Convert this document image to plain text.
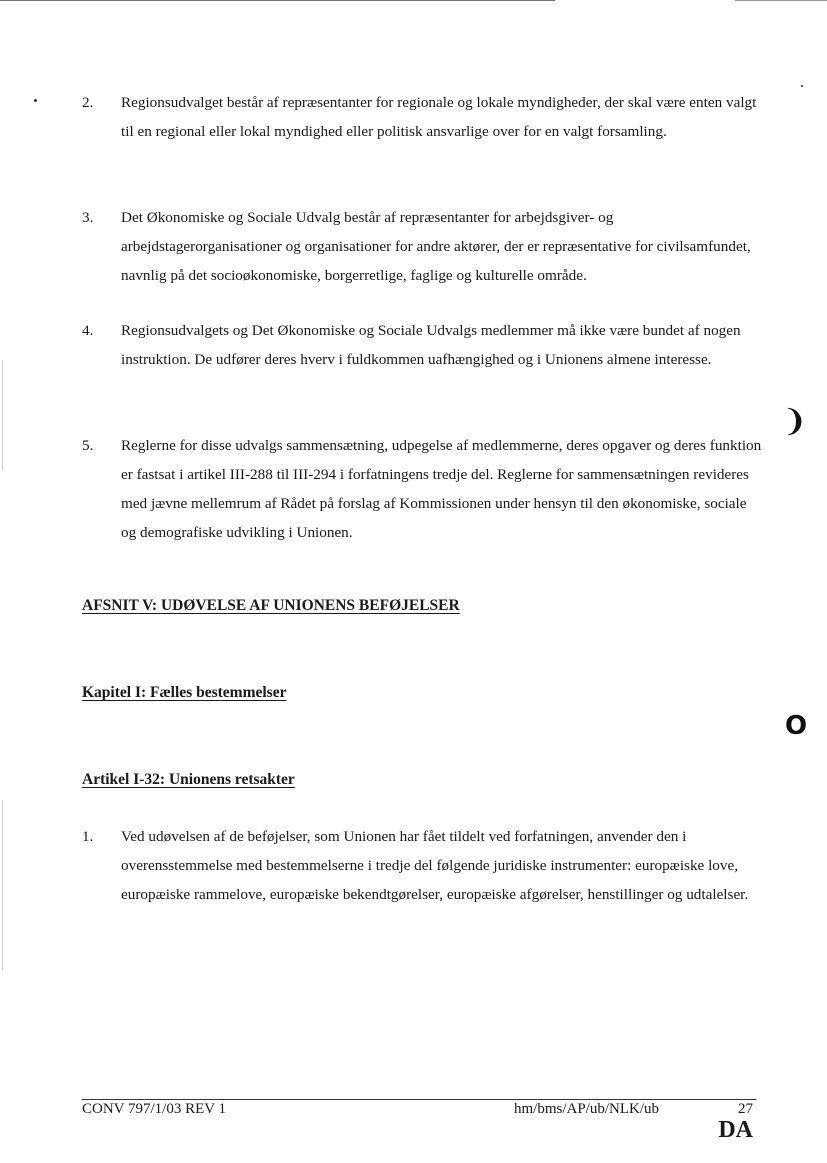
2. Regionsudvalget består af repræsentanter for regionale og lokale myndigheder, der skal være enten valgt til en regional eller lokal myndighed eller politisk ansvarlige over for en valgt forsamling.
3. Det Økonomiske og Sociale Udvalg består af repræsentanter for arbejdsgiver- og arbejdstagerorganisationer og organisationer for andre aktører, der er repræsentative for civilsamfundet, navnlig på det socioøkonomiske, borgerretlige, faglige og kulturelle område.
4. Regionsudvalgets og Det Økonomiske og Sociale Udvalgs medlemmer må ikke være bundet af nogen instruktion. De udfører deres hverv i fuldkommen uafhængighed og i Unionens almene interesse.
5. Reglerne for disse udvalgs sammensætning, udpegelse af medlemmerne, deres opgaver og deres funktion er fastsat i artikel III-288 til III-294 i forfatningens tredje del. Reglerne for sammensætningen revideres med jævne mellemrum af Rådet på forslag af Kommissionen under hensyn til den økonomiske, sociale og demografiske udvikling i Unionen.
AFSNIT V: UDØVELSE AF UNIONENS BEFØJELSER
Kapitel I: Fælles bestemmelser
Artikel I-32: Unionens retsakter
1. Ved udøvelsen af de beføjelser, som Unionen har fået tildelt ved forfatningen, anvender den i overensstemmelse med bestemmelserne i tredje del følgende juridiske instrumenter: europæiske love, europæiske rammelove, europæiske bekendtgørelser, europæiske afgørelser, henstillinger og udtalelser.
❩
O
CONV 797/1/03 REV 1	hm/bms/AP/ub/NLK/ub	27
DA
